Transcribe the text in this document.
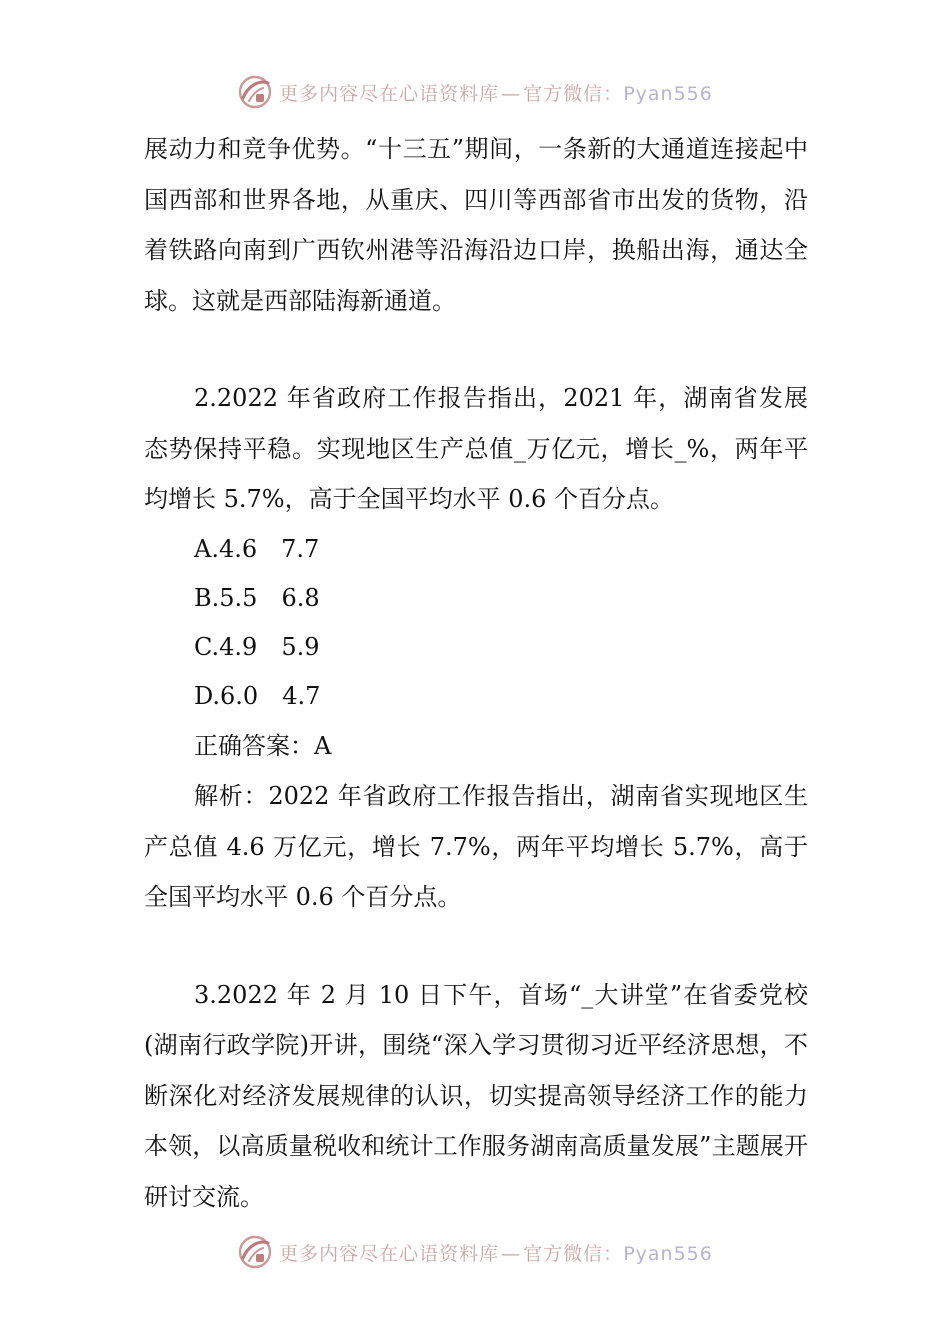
更多内容尽在心语资料库 — 官方微信：Pyan556

展动力和竞争优势。“十三五”期间，一条新的大通道连接起中国西部和世界各地，从重庆、四川等西部省市出发的货物，沿着铁路向南到广西钦州港等沿海沿边口岸，换船出海，通达全球。这就是西部陆海新通道。

2.2022 年省政府工作报告指出，2021 年，湖南省发展态势保持平稳。实现地区生产总值_万亿元，增长_%，两年平均增长 5.7%，高于全国平均水平 0.6 个百分点。

A.4.6 7.7
B.5.5 6.8
C.4.9 5.9
D.6.0 4.7

正确答案：A

解析：2022 年省政府工作报告指出，湖南省实现地区生产总值 4.6 万亿元，增长 7.7%，两年平均增长 5.7%，高于全国平均水平 0.6 个百分点。

3.2022 年 2 月 10 日下午，首场“_大讲堂”在省委党校(湖南行政学院)开讲，围绕“深入学习贯彻习近平经济思想，不断深化对经济发展规律的认识，切实提高领导经济工作的能力本领，以高质量税收和统计工作服务湖南高质量发展”主题展开研讨交流。

更多内容尽在心语资料库 — 官方微信：Pyan556
